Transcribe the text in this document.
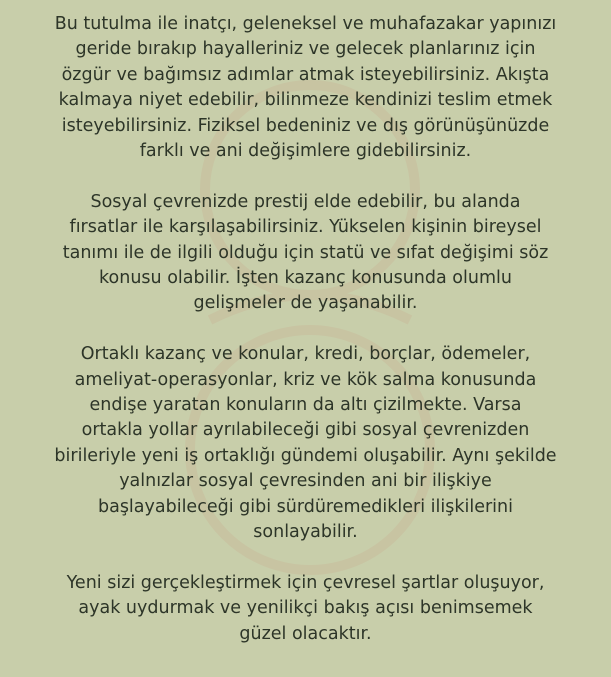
Bu tutulma ile inatçı, geleneksel ve muhafazakar yapınızı
geride bırakıp hayalleriniz ve gelecek planlarınız için
özgür ve bağımsız adımlar atmak isteyebilirsiniz. Akışta
kalmaya niyet edebilir, bilinmeze kendinizi teslim etmek
isteyebilirsiniz. Fiziksel bedeniniz ve dış görünüşünüzde
farklı ve ani değişimlere gidebilirsiniz.

Sosyal çevrenizde prestij elde edebilir, bu alanda
fırsatlar ile karşılaşabilirsiniz. Yükselen kişinin bireysel
tanımı ile de ilgili olduğu için statü ve sıfat değişimi söz
konusu olabilir. İşten kazanç konusunda olumlu
gelişmeler de yaşanabilir.

Ortaklı kazanç ve konular, kredi, borçlar, ödemeler,
ameliyat-operasyonlar, kriz ve kök salma konusunda
endişe yaratan konuların da altı çizilmekte. Varsa
ortakla yollar ayrılabileceği gibi sosyal çevrenizden
birileriyle yeni iş ortaklığı gündemi oluşabilir. Aynı şekilde
yalnızlar sosyal çevresinden ani bir ilişkiye
başlayabileceği gibi sürdüremedikleri ilişkilerini
sonlayabilir.

Yeni sizi gerçekleştirmek için çevresel şartlar oluşuyor,
ayak uydurmak ve yenilikçi bakış açısı benimsemek
güzel olacaktır.
